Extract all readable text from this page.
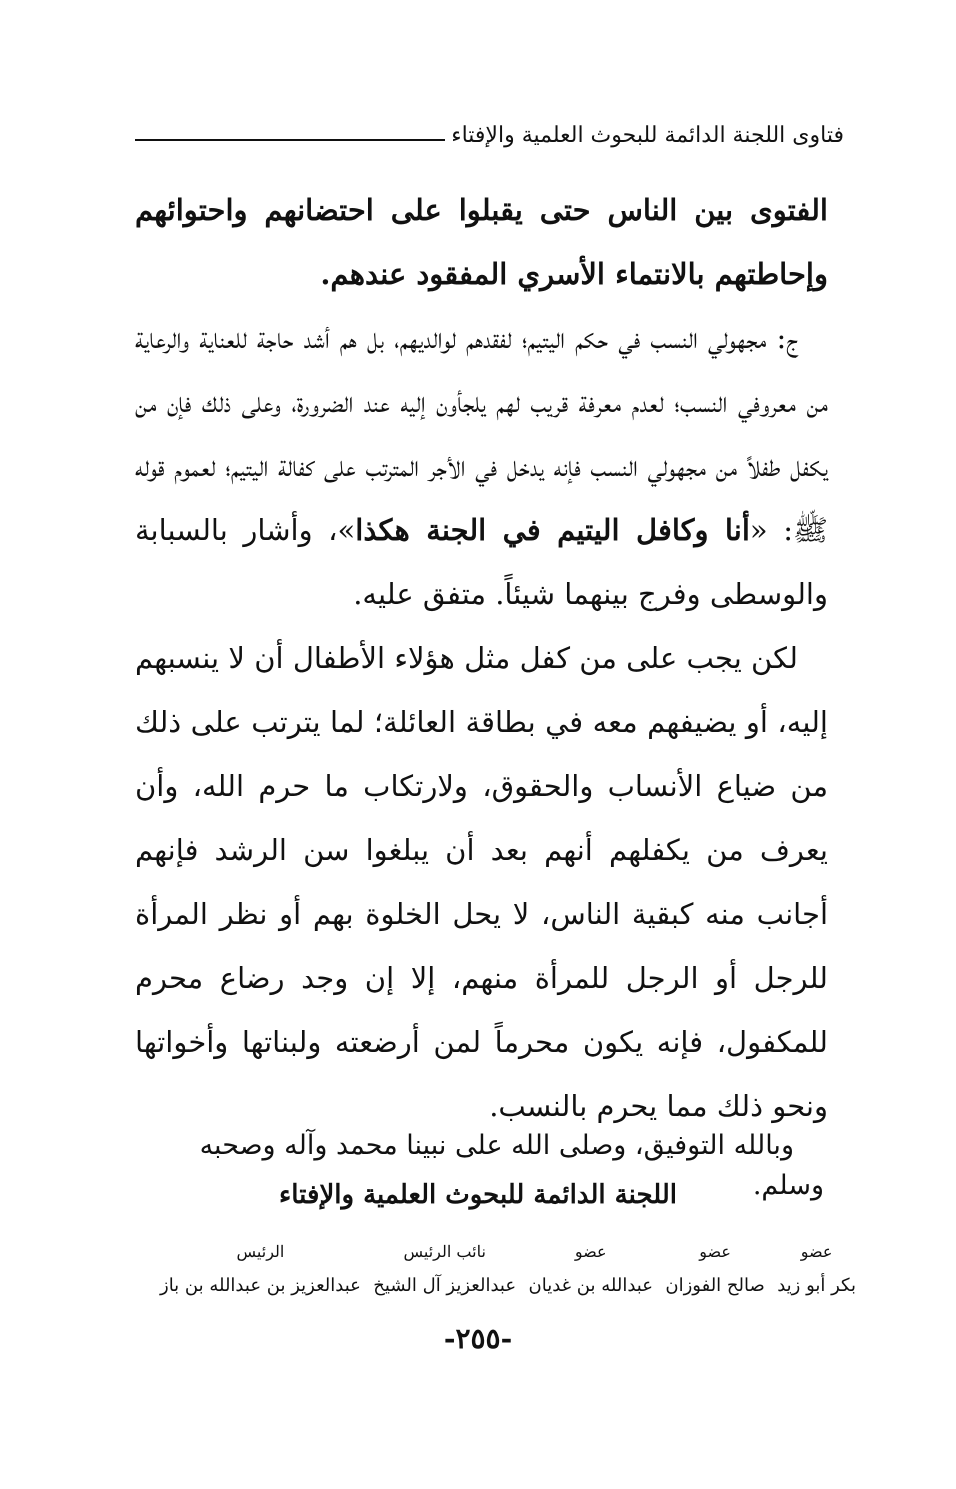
فتاوى اللجنة الدائمة للبحوث العلمية والإفتاء

الفتوى بين الناس حتى يقبلوا على احتضانهم واحتوائهم وإحاطتهم بالانتماء الأسري المفقود عندهم.

ج: مجهولي النسب في حكم اليتيم؛ لفقدهم لوالديهم، بل هم أشد حاجة للعناية والرعاية من معروفي النسب؛ لعدم معرفة قريب لهم يلجأون إليه عند الضرورة، وعلى ذلك فإن من يكفل طفلاً من مجهولي النسب فإنه يدخل في الأجر المترتب على كفالة اليتيم؛ لعموم قوله ﷺ: «أنا وكافل اليتيم في الجنة هكذا»، وأشار بالسبابة والوسطى وفرج بينهما شيئاً. متفق عليه.

لكن يجب على من كفل مثل هؤلاء الأطفال أن لا ينسبهم إليه، أو يضيفهم معه في بطاقة العائلة؛ لما يترتب على ذلك من ضياع الأنساب والحقوق، ولارتكاب ما حرم الله، وأن يعرف من يكفلهم أنهم بعد أن يبلغوا سن الرشد فإنهم أجانب منه كبقية الناس، لا يحل الخلوة بهم أو نظر المرأة للرجل أو الرجل للمرأة منهم، إلا إن وجد رضاع محرم للمكفول، فإنه يكون محرماً لمن أرضعته ولبناتها وأخواتها ونحو ذلك مما يحرم بالنسب.

وبالله التوفيق، وصلى الله على نبينا محمد وآله وصحبه وسلم.

اللجنة الدائمة للبحوث العلمية والإفتاء
عضو
بكر أبو زيد
عضو
صالح الفوزان
عضو
عبدالله بن غديان
نائب الرئيس
عبدالعزيز آل الشيخ
الرئيس
عبدالعزيز بن عبدالله بن باز
-٢٥٥-
